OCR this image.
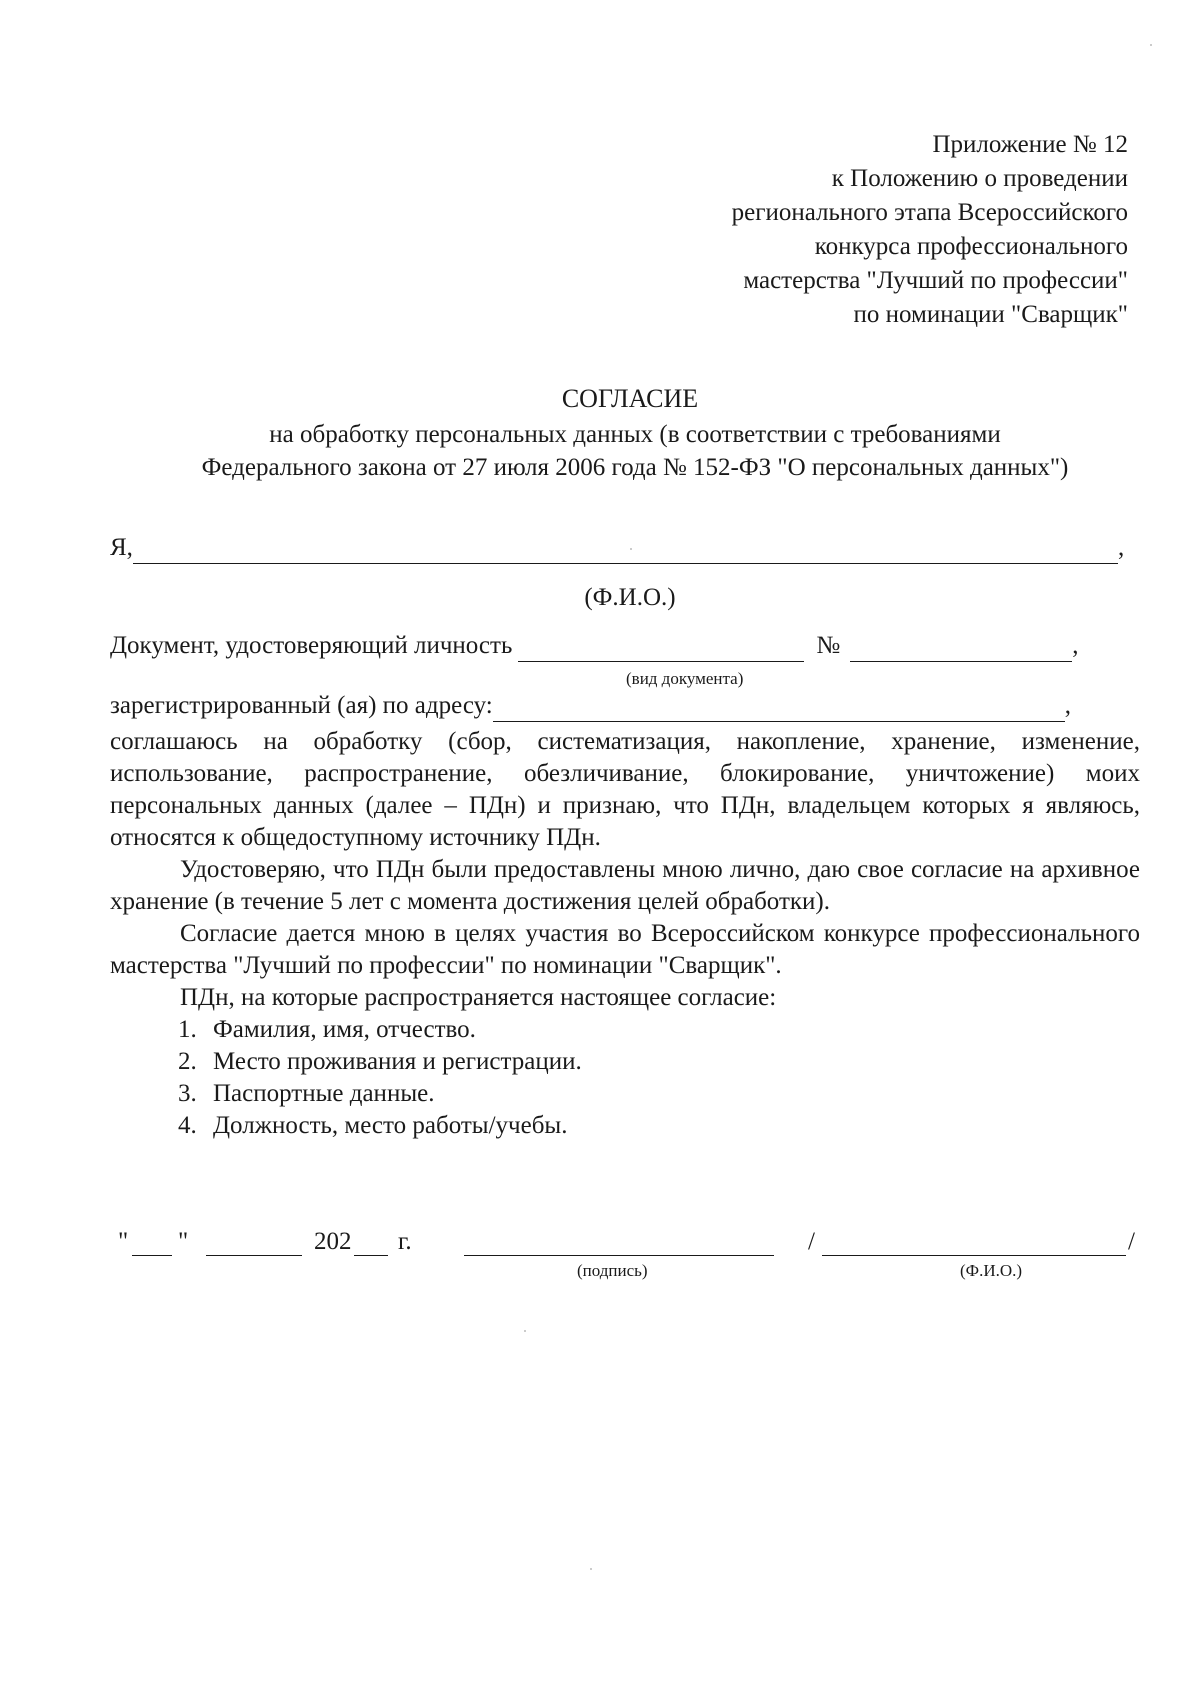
Приложение № 12
к Положению о проведении
регионального этапа Всероссийского
конкурса профессионального
мастерства "Лучший по профессии"
по номинации "Сварщик"
СОГЛАСИЕ
на обработку персональных данных (в соответствии с требованиями
Федерального закона от 27 июля 2006 года № 152-ФЗ "О персональных данных")
Я,	,
(Ф.И.О.)
Документ, удостоверяющий личность	№	,
(вид документа)
зарегистрированный (ая) по адресу:	,
соглашаюсь на обработку (сбор, систематизация, накопление, хранение, изменение, использование, распространение, обезличивание, блокирование, уничтожение) моих персональных данных (далее – ПДн) и признаю, что ПДн, владельцем которых я являюсь, относятся к общедоступному источнику ПДн.
Удостоверяю, что ПДн были предоставлены мною лично, даю свое согласие на архивное хранение (в течение 5 лет с момента достижения целей обработки).
Согласие дается мною в целях участия во Всероссийском конкурсе профессионального мастерства "Лучший по профессии" по номинации "Сварщик".
ПДн, на которые распространяется настоящее согласие:
1. Фамилия, имя, отчество.
2. Место проживания и регистрации.
3. Паспортные данные.
4. Должность, место работы/учебы.
" "	202 г.	/	/
(подпись)	(Ф.И.О.)
